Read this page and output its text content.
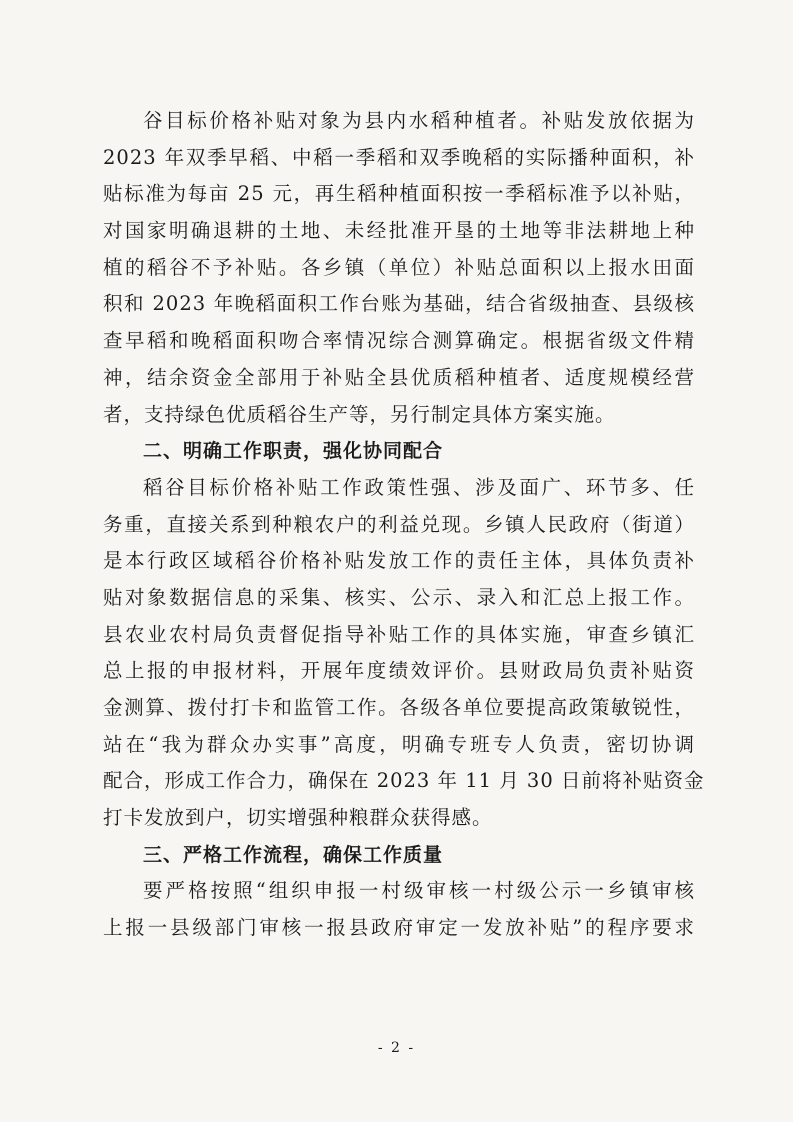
谷目标价格补贴对象为县内水稻种植者。补贴发放依据为
2023 年双季早稻、中稻一季稻和双季晚稻的实际播种面积，补
贴标准为每亩 25 元，再生稻种植面积按一季稻标准予以补贴，
对国家明确退耕的土地、未经批准开垦的土地等非法耕地上种
植的稻谷不予补贴。各乡镇（单位）补贴总面积以上报水田面
积和 2023 年晚稻面积工作台账为基础，结合省级抽查、县级核
查早稻和晚稻面积吻合率情况综合测算确定。根据省级文件精
神，结余资金全部用于补贴全县优质稻种植者、适度规模经营
者，支持绿色优质稻谷生产等，另行制定具体方案实施。
二、明确工作职责，强化协同配合
稻谷目标价格补贴工作政策性强、涉及面广、环节多、任
务重，直接关系到种粮农户的利益兑现。乡镇人民政府（街道）
是本行政区域稻谷价格补贴发放工作的责任主体，具体负责补
贴对象数据信息的采集、核实、公示、录入和汇总上报工作。
县农业农村局负责督促指导补贴工作的具体实施，审查乡镇汇
总上报的申报材料，开展年度绩效评价。县财政局负责补贴资
金测算、拨付打卡和监管工作。各级各单位要提高政策敏锐性，
站在“我为群众办实事”高度，明确专班专人负责，密切协调
配合，形成工作合力，确保在 2023 年 11 月 30 日前将补贴资金
打卡发放到户，切实增强种粮群众获得感。
三、严格工作流程，确保工作质量
要严格按照“组织申报一村级审核一村级公示一乡镇审核
上报一县级部门审核一报县政府审定一发放补贴”的程序要求
- 2 -
